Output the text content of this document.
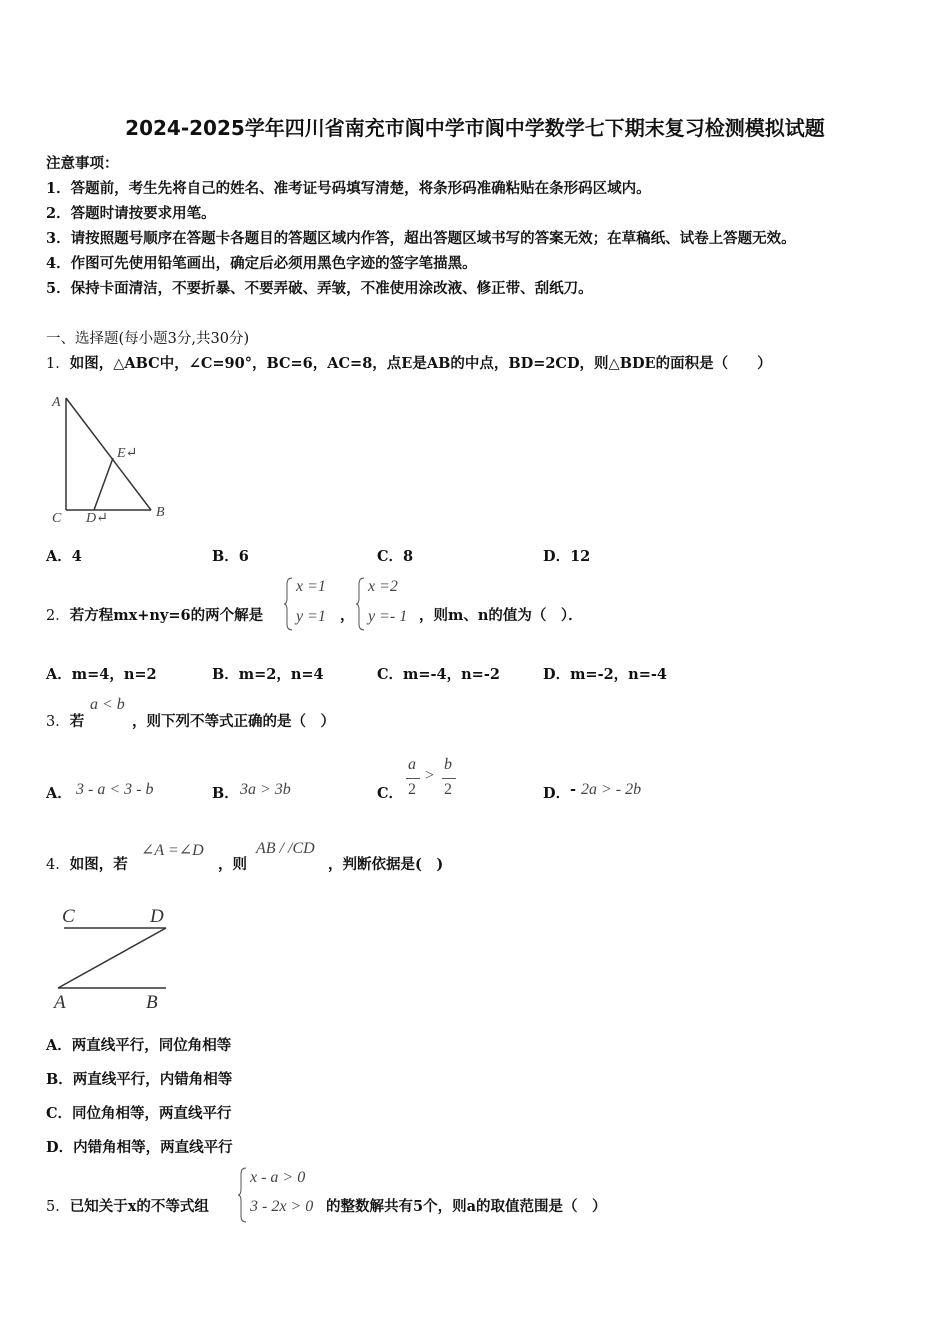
2024-2025学年四川省南充市阆中学市阆中学数学七下期末复习检测模拟试题
注意事项：
1．答题前，考生先将自己的姓名、准考证号码填写清楚，将条形码准确粘贴在条形码区域内。
2．答题时请按要求用笔。
3．请按照题号顺序在答题卡各题目的答题区域内作答，超出答题区域书写的答案无效；在草稿纸、试卷上答题无效。
4．作图可先使用铅笔画出，确定后必须用黑色字迹的签字笔描黑。
5．保持卡面清洁，不要折暴、不要弄破、弄皱，不准使用涂改液、修正带、刮纸刀。
一、选择题(每小题3分,共30分)
1．如图，△ABC中，∠C=90°，BC=6，AC=8，点E是AB的中点，BD=2CD，则△BDE的面积是（　　）
A
E↵
C D↵	B
A．4	B．6	C．8	D．12
2．若方程mx+ny=6的两个解是
x =1
y =1 ，
x =2
y =- 1 ，则m、n的值为（　）．
A．m=4，n=2	B．m=2，n=4	C．m=-4，n=-2	D．m=-2，n=-4
3．若
a < b
，则下列不等式正确的是（　）
A． 3 - a < 3 - b	B． 3a > 3b	C．
a
2
>
b
2	D． - 2a > - 2b
4．如图，若
∠A =∠D
，则
AB / /CD
，判断依据是(　)
C	D
A	B
A．两直线平行，同位角相等
B．两直线平行，内错角相等
C．同位角相等，两直线平行
D．内错角相等，两直线平行
5．已知关于x的不等式组
x - a > 0
3 - 2x > 0 的整数解共有5个，则a的取值范围是（　）
